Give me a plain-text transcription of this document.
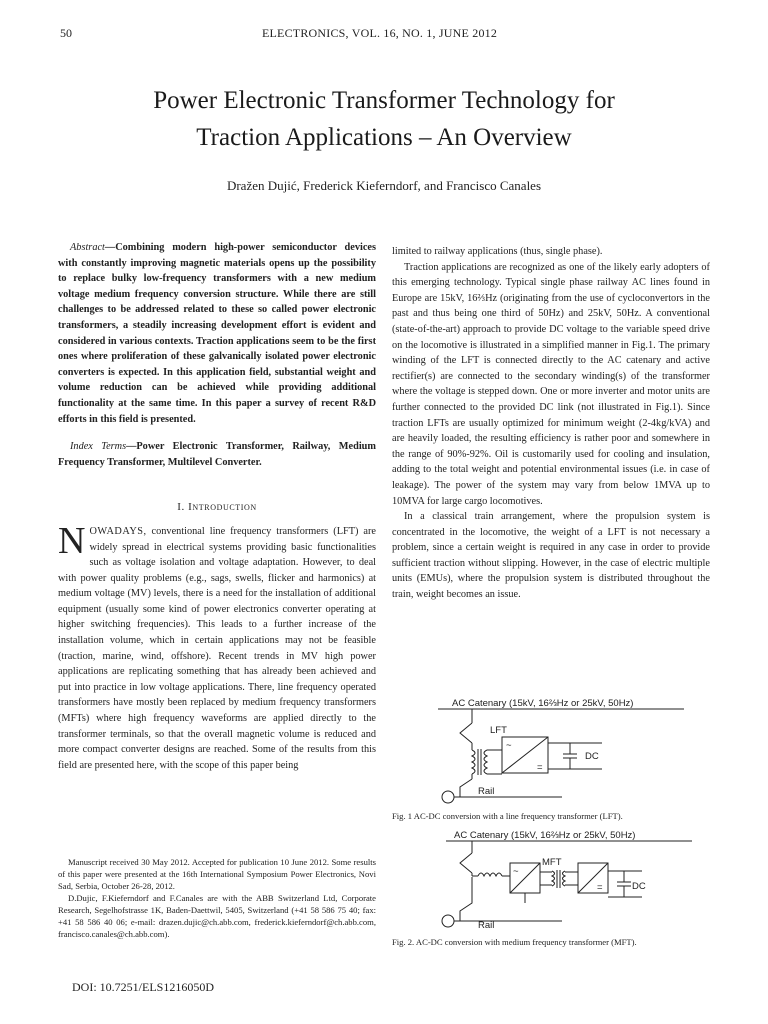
50	ELECTRONICS, VOL. 16, NO. 1, JUNE 2012
Power Electronic Transformer Technology for
Traction Applications – An Overview
Dražen Dujić, Frederick Kieferndorf, and Francisco Canales

Abstract—Combining modern high-power semiconductor devices with constantly improving magnetic materials opens up the possibility to replace bulky low-frequency transformers with a new medium voltage medium frequency conversion structure. While there are still challenges to be addressed related to these so called power electronic transformers, a steadily increasing development effort is evident and considered in various contexts. Traction applications seem to be the first ones where proliferation of these galvanically isolated power electronic converters is expected. In this application field, substantial weight and volume reduction can be achieved while providing additional functionality at the same time. In this paper a survey of recent R&D efforts in this field is presented.

Index Terms—Power Electronic Transformer, Railway, Medium Frequency Transformer, Multilevel Converter.

I. Introduction

NOWADAYS, conventional line frequency transformers (LFT) are widely spread in electrical systems providing basic functionalities such as voltage isolation and voltage adaptation. However, to deal with power quality problems (e.g., sags, swells, flicker and harmonics) at medium voltage (MV) levels, there is a need for the installation of additional equipment (usually some kind of power electronics converter operating at higher switching frequencies). This leads to a further increase of the installation volume, which in certain applications may not be feasible (traction, marine, wind, offshore). Recent trends in MV high power applications are replicating something that has already been achieved and put into practice in low voltage applications. There, line frequency operated transformers have mostly been replaced by medium frequency transformers (MFTs) where high frequency waveforms are applied directly to the transformer terminals, so that the overall magnetic volume is reduced and more compact converter designs are reached. Some of the results from this field are presented here, with the scope of this paper being

Manuscript received 30 May 2012. Accepted for publication 10 June 2012. Some results of this paper were presented at the 16th International Symposium Power Electronics, Novi Sad, Serbia, October 26-28, 2012.

D.Dujic, F.Kieferndorf and F.Canales are with the ABB Switzerland Ltd, Corporate Research, Segelhofstrasse 1K, Baden-Daettwil, 5405, Switzerland (+41 58 586 75 40; fax: +41 58 586 40 06; e-mail: drazen.dujic@ch.abb.com, frederick.kieferndorf@ch.abb.com, francisco.canales@ch.abb.com).

DOI: 10.7251/ELS1216050D

limited to railway applications (thus, single phase).

Traction applications are recognized as one of the likely early adopters of this emerging technology. Typical single phase railway AC lines found in Europe are 15kV, 16⅔Hz (originating from the use of cycloconvertors in the past and thus being one third of 50Hz) and 25kV, 50Hz. A conventional (state-of-the-art) approach to provide DC voltage to the variable speed drive on the locomotive is illustrated in a simplified manner in Fig.1. The primary winding of the LFT is connected directly to the AC catenary and active rectifier(s) are connected to the secondary winding(s) of the transformer where the voltage is stepped down. One or more inverter and motor units are further connected to the provided DC link (not illustrated in Fig.1). Since traction LFTs are usually optimized for minimum weight (2-4kg/kVA) and are heavily loaded, the resulting efficiency is rather poor and somewhere in the range of 90%-92%. Oil is customarily used for cooling and insulation, adding to the total weight and potential environmental issues (i.e. in case of leakage). The power of the system may vary from below 1MVA up to 10MVA for large cargo locomotives.

In a classical train arrangement, where the propulsion system is concentrated in the locomotive, the weight of a LFT is not necessary a problem, since a certain weight is required in any case in order to provide sufficient traction without slipping. However, in the case of electric multiple units (EMUs), where the propulsion system is distributed throughout the train, weight becomes an issue.

AC Catenary (15kV, 16⅔Hz or 25kV, 50Hz)
LFT
~
=
DC
Rail
Fig. 1 AC-DC conversion with a line frequency transformer (LFT).
AC Catenary (15kV, 16⅔Hz or 25kV, 50Hz)
MFT
~
=	DC
Rail
Fig. 2. AC-DC conversion with medium frequency transformer (MFT).
